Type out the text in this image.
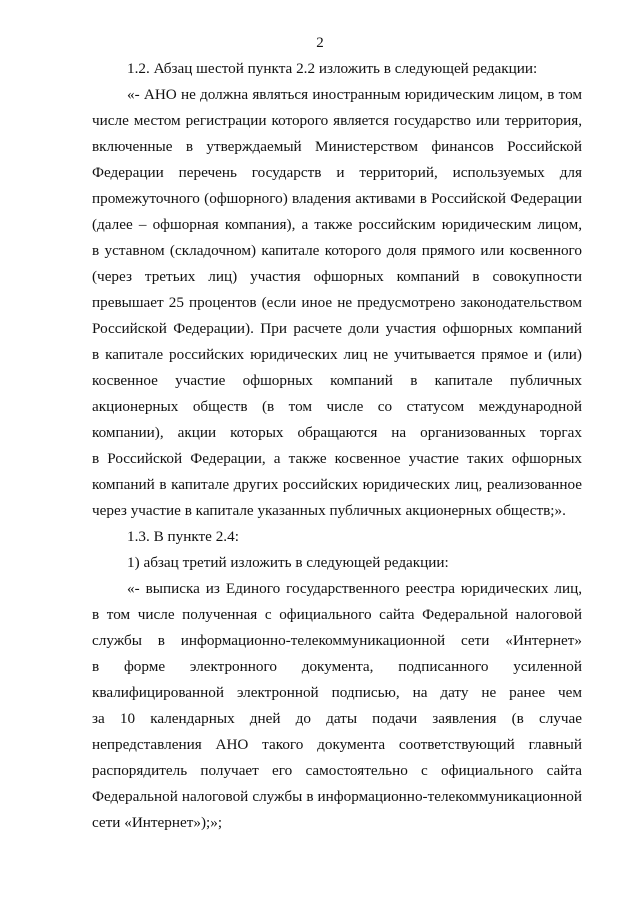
2
1.2. Абзац шестой пункта 2.2 изложить в следующей редакции:
«- АНО не должна являться иностранным юридическим лицом, в том
числе местом регистрации которого является государство или территория,
включенные в утверждаемый Министерством финансов Российской
Федерации перечень государств и территорий, используемых для
промежуточного (офшорного) владения активами в Российской Федерации
(далее – офшорная компания), а также российским юридическим лицом,
в уставном (складочном) капитале которого доля прямого или косвенного
(через третьих лиц) участия офшорных компаний в совокупности
превышает 25 процентов (если иное не предусмотрено законодательством
Российской Федерации). При расчете доли участия офшорных компаний
в капитале российских юридических лиц не учитывается прямое и (или)
косвенное участие офшорных компаний в капитале публичных
акционерных обществ (в том числе со статусом международной
компании), акции которых обращаются на организованных торгах
в Российской Федерации, а также косвенное участие таких офшорных
компаний в капитале других российских юридических лиц, реализованное
через участие в капитале указанных публичных акционерных обществ;».
1.3. В пункте 2.4:
1) абзац третий изложить в следующей редакции:
«- выписка из Единого государственного реестра юридических лиц,
в том числе полученная с официального сайта Федеральной налоговой
службы в информационно-телекоммуникационной сети «Интернет»
в форме электронного документа, подписанного усиленной
квалифицированной электронной подписью, на дату не ранее чем
за 10 календарных дней до даты подачи заявления (в случае
непредставления АНО такого документа соответствующий главный
распорядитель получает его самостоятельно с официального сайта
Федеральной налоговой службы в информационно-телекоммуникационной
сети «Интернет»);»;
